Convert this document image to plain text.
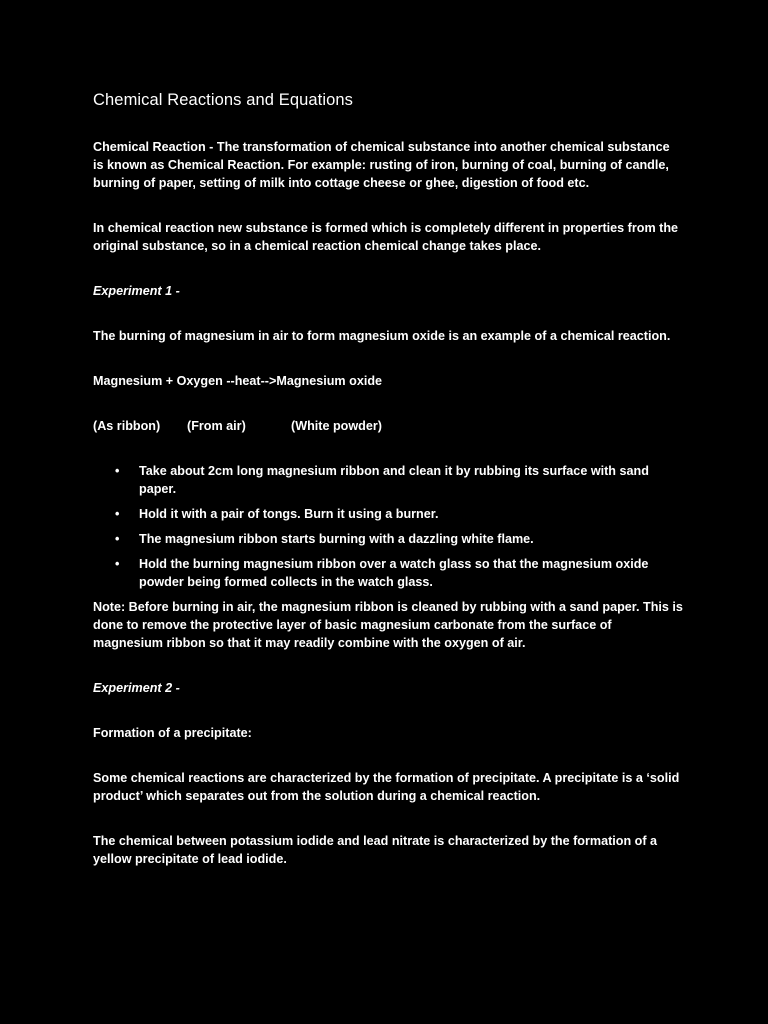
Chemical Reactions and Equations

Chemical Reaction - The transformation of chemical substance into another chemical substance is known as Chemical Reaction. For example: rusting of iron, burning of coal, burning of candle, burning of paper, setting of milk into cottage cheese or ghee, digestion of food etc.

In chemical reaction new substance is formed which is completely different in properties from the original substance, so in a chemical reaction chemical change takes place.

Experiment 1 -

The burning of magnesium in air to form magnesium oxide is an example of a chemical reaction.

Magnesium + Oxygen --heat-->Magnesium oxide

(As ribbon) (From air)	(White powder)

• Take about 2cm long magnesium ribbon and clean it by rubbing its surface with sand paper.
• Hold it with a pair of tongs. Burn it using a burner.
• The magnesium ribbon starts burning with a dazzling white flame.
• Hold the burning magnesium ribbon over a watch glass so that the magnesium oxide powder being formed collects in the watch glass.

Note: Before burning in air, the magnesium ribbon is cleaned by rubbing with a sand paper. This is done to remove the protective layer of basic magnesium carbonate from the surface of magnesium ribbon so that it may readily combine with the oxygen of air.

Experiment 2 -

Formation of a precipitate:

Some chemical reactions are characterized by the formation of precipitate. A precipitate is a ‘solid product’ which separates out from the solution during a chemical reaction.

The chemical between potassium iodide and lead nitrate is characterized by the formation of a yellow precipitate of lead iodide.
